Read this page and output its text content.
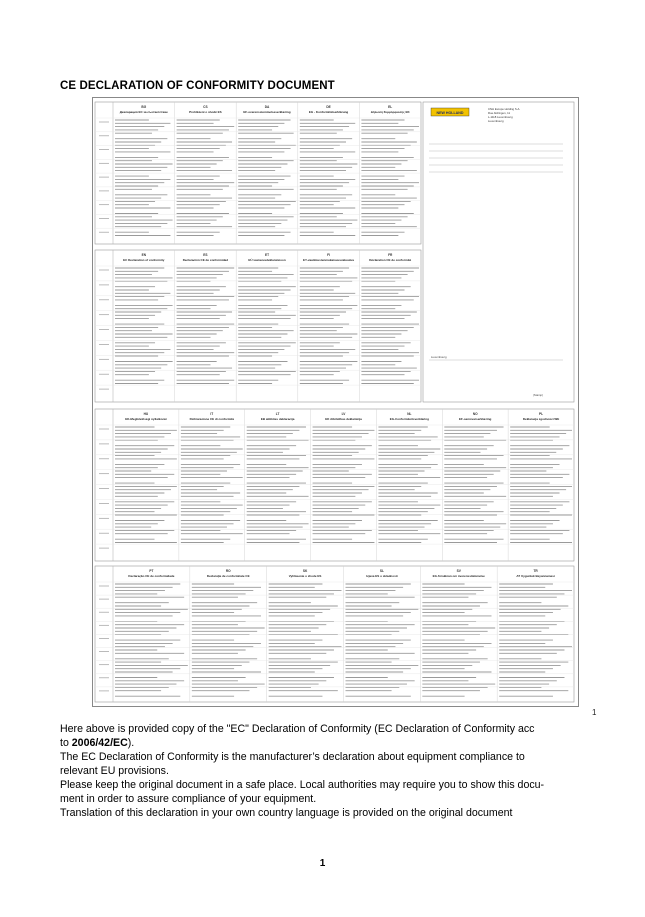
CE DECLARATION OF CONFORMITY DOCUMENT
BG
Декларация ЕС за съответствие
CS
Prohlášení o shodě ES
DA
EF-overensstemmelseserklæring
DE
EG - Konformitätserklärung
EL
Δήλωση Συμμόρφωσης ΕΚ
EN
EC Declaration of conformity
ES
Declaración CE de conformidad
ET
EÜ vastavusdeklaratsioon
FI
EY-vaatimustenmukaisuusvakuutus
FR
Déclaration CE de conformité
HU
EK-Megfelelőségi nyilatkozat
IT
Dichiarazione CE di conformità
LT
EB atitikties deklaracija
LV
EK Atbilstības deklarācija
NL
EG-Conformiteitsverklaring
NO
EF-samsvarserklæring
PL
Deklaracja zgodności WE
PT
Declaração CE de conformidade
RO
Declaraţie de conformitate CE
SK
Vyhlásenie o zhode ES
SL
Izjava ES o skladnosti
SV
EG-försäkran om överensstämmelse
TR
AT Uygunluk Beyannamesi
NEW HOLLAND
CNH Europe Holding S.A.
Rue Aldringen, 11
L-1118 Luxembourg
Luxembourg
Luxembourg
(Stamp)
1

Here above is provided copy of the "EC" Declaration of Conformity (EC Declaration of Conformity acc

to 2006/42/EC).

The EC Declaration of Conformity is the manufacturer’s declaration about equipment compliance to

relevant EU provisions.

Please keep the original document in a safe place. Local authorities may require you to show this docu-

ment in order to assure compliance of your equipment.

Translation of this declaration in your own country language is provided on the original document

1
